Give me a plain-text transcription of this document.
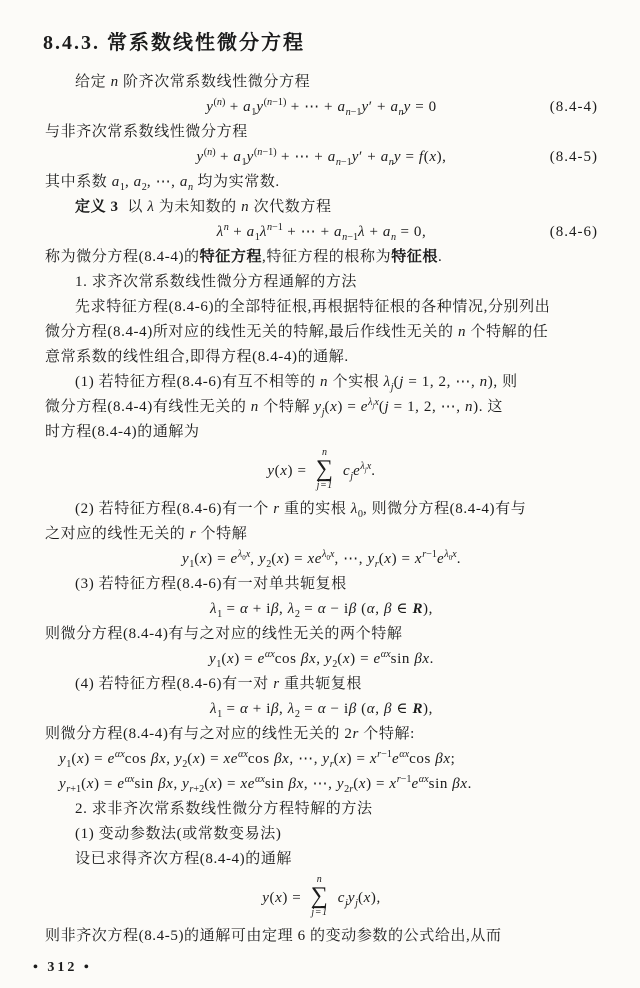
8.4.3. 常系数线性微分方程
给定 n 阶齐次常系数线性微分方程
$y^{(n)} + a_1y^{(n-1)}$ + ⋯ + $a_{n-1}y' + a_ny = 0$	(8.4-4)
与非齐次常系数线性微分方程
$y^{(n)} + a_1y^{(n-1)}$ + ⋯ + $a_{n-1}y' + a_ny = f(x)$,	(8.4-5)
其中系数 $a_1$, $a_2$, ⋯, $a_n$ 均为实常数.
定义 3  以 λ 为未知数的 n 次代数方程
$\lambda^n + a_1\lambda^{n-1}$ + ⋯ + $a_{n-1}\lambda + a_n = 0$,	(8.4-6)
称为微分方程(8.4-4)的特征方程,特征方程的根称为特征根.
1. 求齐次常系数线性微分方程通解的方法
先求特征方程(8.4-6)的全部特征根,再根据特征根的各种情况,分别列出
微分方程(8.4-4)所对应的线性无关的特解,最后作线性无关的 n 个特解的任
意常系数的线性组合,即得方程(8.4-4)的通解.
(1) 若特征方程(8.4-6)有互不相等的 n 个实根 $\lambda_j(j = 1$, 2, ⋯, n), 则
微分方程(8.4-4)有线性无关的 n 个特解 $y_j(x) = e^{\lambda_jx}(j = 1$, 2, ⋯, n). 这
时方程(8.4-4)的通解为
y(x) =
n
∑
j=1
$c_je^{\lambda_jx}$.
(2) 若特征方程(8.4-6)有一个 r 重的实根 $\lambda_0$, 则微分方程(8.4-4)有与
之对应的线性无关的 r 个特解
$y_1(x) = e^{\lambda_0x}$, $y_2(x) = xe^{\lambda_0x}$, ⋯, $y_r(x) = x^{r-1}e^{\lambda_0x}$.
(3) 若特征方程(8.4-6)有一对单共轭复根
$\lambda_1 = \alpha + i\beta$, $\lambda_2 = \alpha - i\beta$ (α, β ∈ R),
则微分方程(8.4-4)有与之对应的线性无关的两个特解
$y_1(x) = e^{\alpha x}\cos$ βx, $y_2(x) = e^{\alpha x}\sin$ βx.
(4) 若特征方程(8.4-6)有一对 r 重共轭复根
$\lambda_1 = \alpha + i\beta$, $\lambda_2 = \alpha - i\beta$ (α, β ∈ R),
则微分方程(8.4-4)有与之对应的线性无关的 2r 个特解:
$y_1(x) = e^{\alpha x}\cos$ βx, $y_2(x) = xe^{\alpha x}\cos$ βx, ⋯, $y_r(x) = x^{r-1}e^{\alpha x}\cos$ βx;
$y_{r+1}(x) = e^{\alpha x}\sin$ βx, $y_{r+2}(x) = xe^{\alpha x}\sin$ βx, ⋯, $y_{2r}(x) = x^{r-1}e^{\alpha x}\sin$ βx.
2. 求非齐次常系数线性微分方程特解的方法
(1) 变动参数法(或常数变易法)
设已求得齐次方程(8.4-4)的通解
y(x) =
n
∑
j=1
$c_jy_j(x)$,
则非齐次方程(8.4-5)的通解可由定理 6 的变动参数的公式给出,从而
• 312 •
